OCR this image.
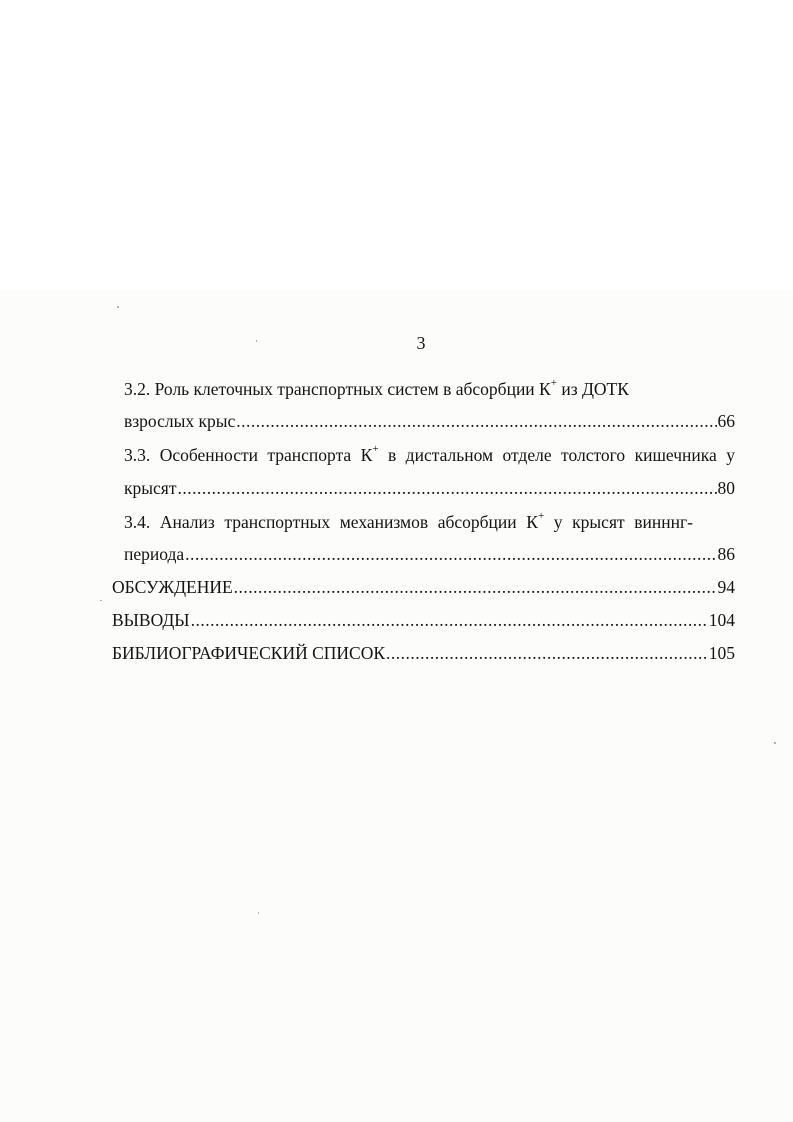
3
3.2. Роль клеточных транспортных систем в абсорбции К+ из ДОТК
взрослых крыс .....	66
3.3. Особенности транспорта К+ в дистальном отделе толстого кишечника у
крысят .....	80
3.4. Анализ транспортных механизмов абсорбции К+ у крысят винннг-
периода .....	86
ОБСУЖДЕНИЕ .....	94
ВЫВОДЫ .....	104
БИБЛИОГРАФИЧЕСКИЙ СПИСОК .....	105
